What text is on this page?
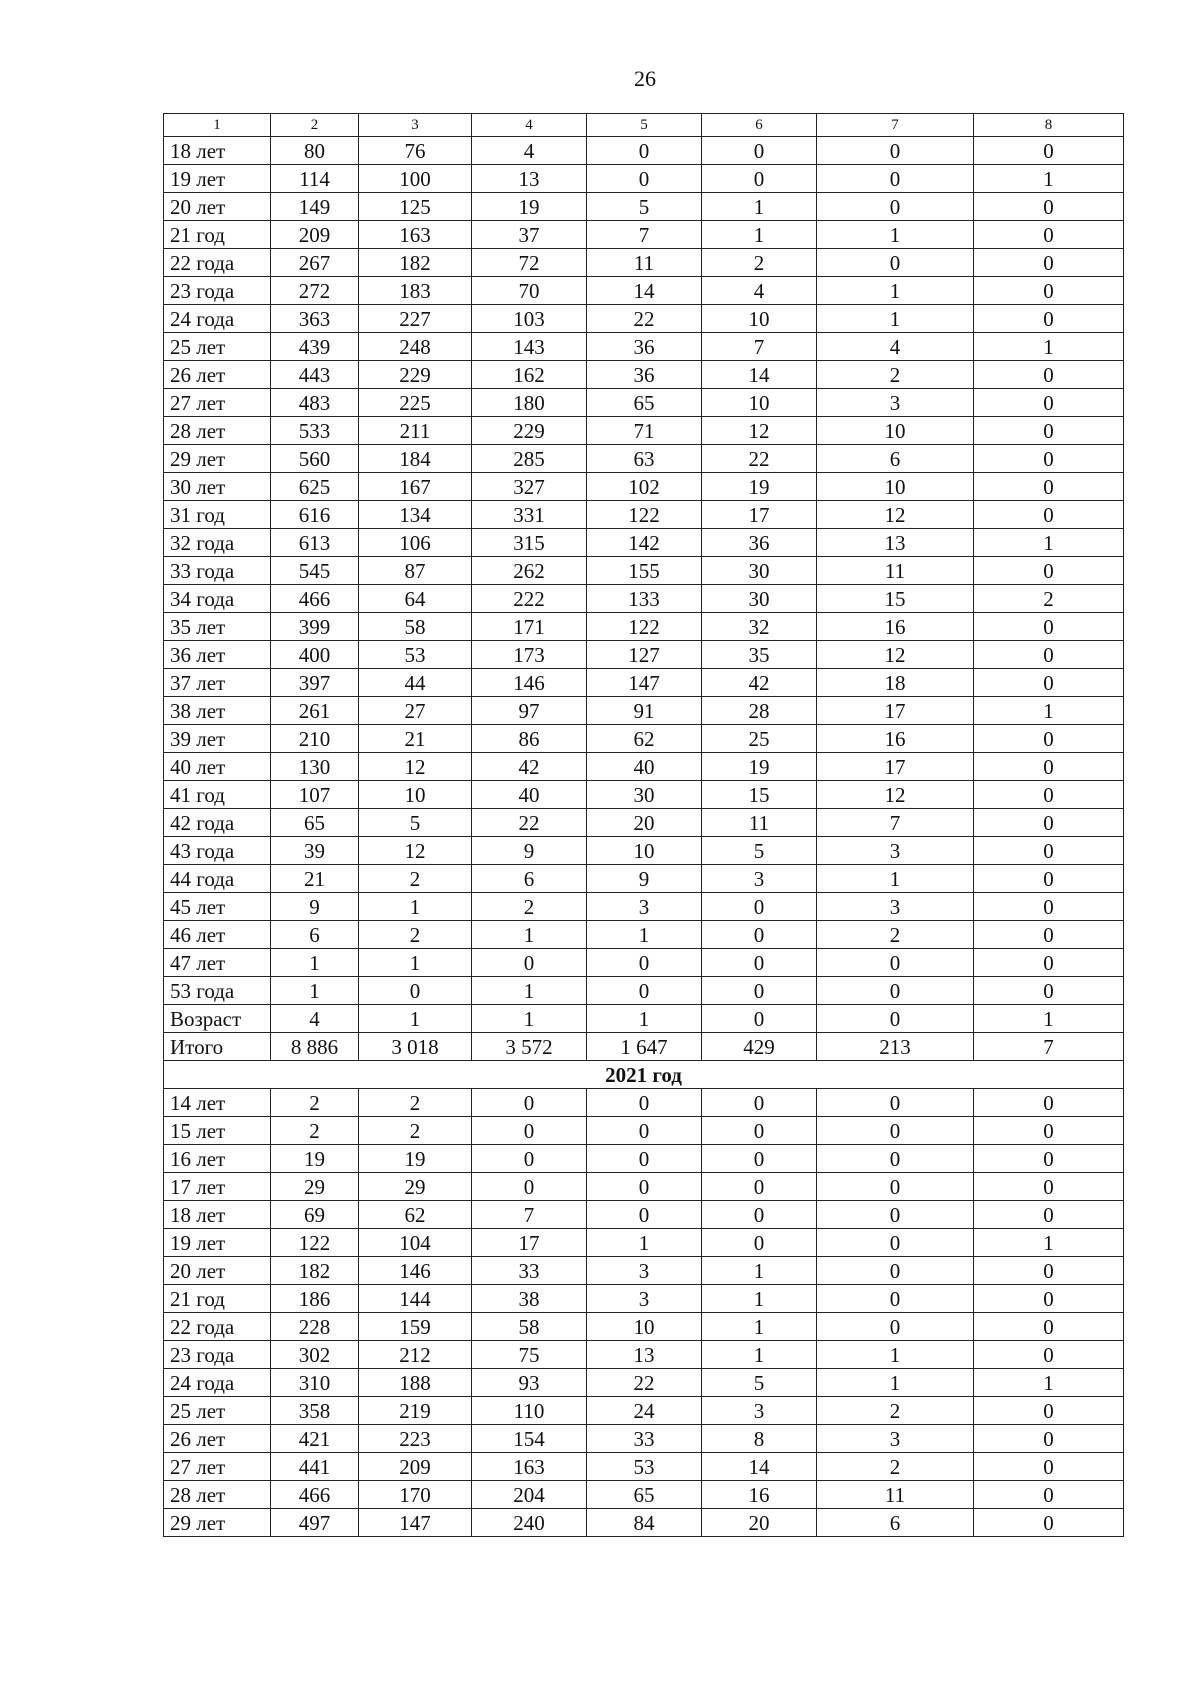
26
1	2	3	4	5	6	7	8
18 лет	80	76	4	0	0	0	0
19 лет	114	100	13	0	0	0	1
20 лет	149	125	19	5	1	0	0
21 год	209	163	37	7	1	1	0
22 года	267	182	72	11	2	0	0
23 года	272	183	70	14	4	1	0
24 года	363	227	103	22	10	1	0
25 лет	439	248	143	36	7	4	1
26 лет	443	229	162	36	14	2	0
27 лет	483	225	180	65	10	3	0
28 лет	533	211	229	71	12	10	0
29 лет	560	184	285	63	22	6	0
30 лет	625	167	327	102	19	10	0
31 год	616	134	331	122	17	12	0
32 года	613	106	315	142	36	13	1
33 года	545	87	262	155	30	11	0
34 года	466	64	222	133	30	15	2
35 лет	399	58	171	122	32	16	0
36 лет	400	53	173	127	35	12	0
37 лет	397	44	146	147	42	18	0
38 лет	261	27	97	91	28	17	1
39 лет	210	21	86	62	25	16	0
40 лет	130	12	42	40	19	17	0
41 год	107	10	40	30	15	12	0
42 года	65	5	22	20	11	7	0
43 года	39	12	9	10	5	3	0
44 года	21	2	6	9	3	1	0
45 лет	9	1	2	3	0	3	0
46 лет	6	2	1	1	0	2	0
47 лет	1	1	0	0	0	0	0
53 года	1	0	1	0	0	0	0
Возраст	4	1	1	1	0	0	1
Итого	8 886	3 018	3 572	1 647	429	213	7
2021 год							
14 лет	2	2	0	0	0	0	0
15 лет	2	2	0	0	0	0	0
16 лет	19	19	0	0	0	0	0
17 лет	29	29	0	0	0	0	0
18 лет	69	62	7	0	0	0	0
19 лет	122	104	17	1	0	0	1
20 лет	182	146	33	3	1	0	0
21 год	186	144	38	3	1	0	0
22 года	228	159	58	10	1	0	0
23 года	302	212	75	13	1	1	0
24 года	310	188	93	22	5	1	1
25 лет	358	219	110	24	3	2	0
26 лет	421	223	154	33	8	3	0
27 лет	441	209	163	53	14	2	0
28 лет	466	170	204	65	16	11	0
29 лет	497	147	240	84	20	6	0
